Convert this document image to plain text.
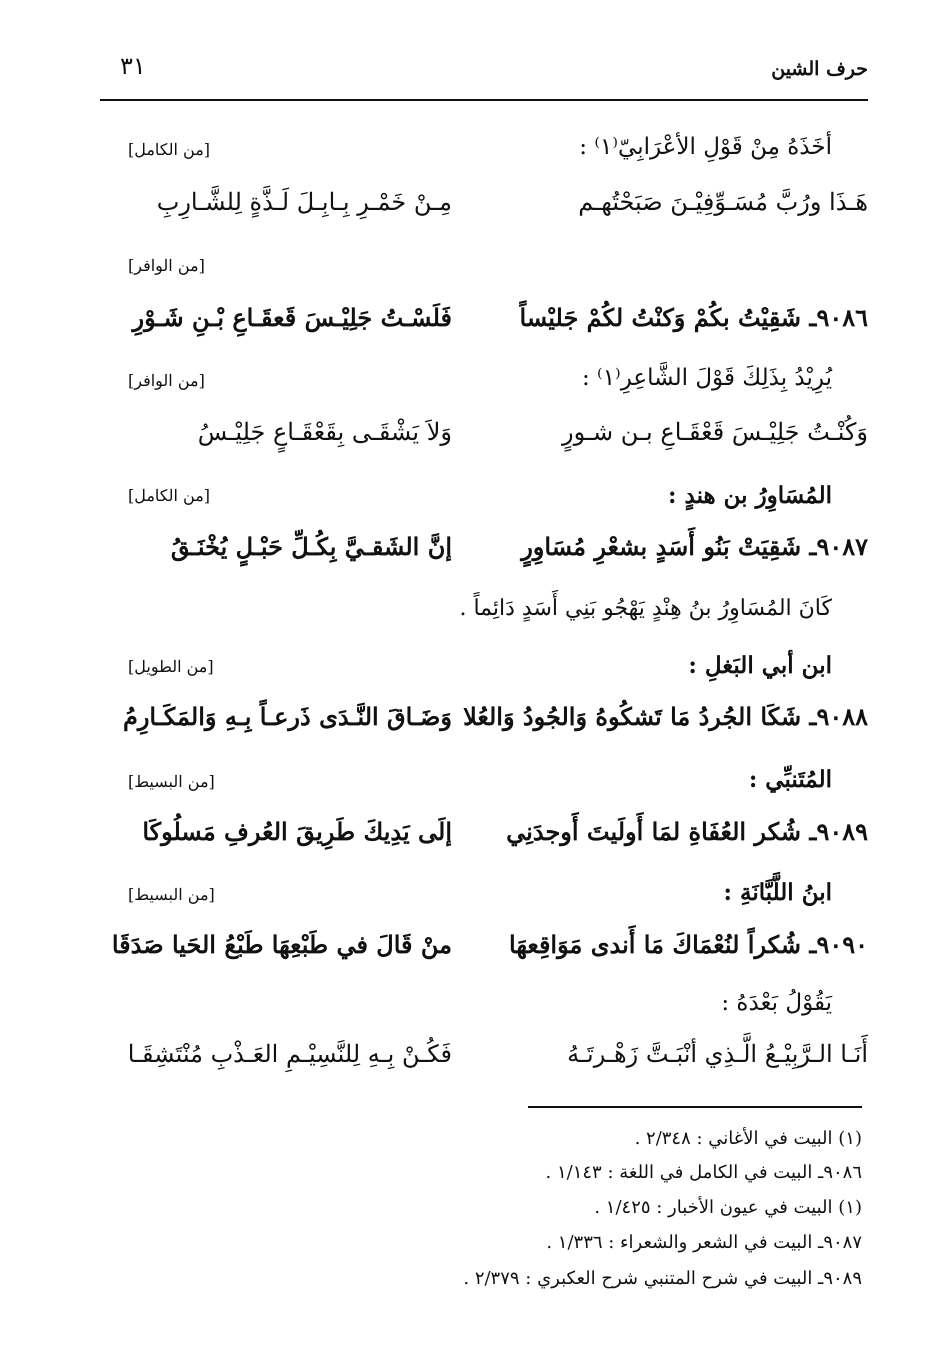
حرف الشين
٣١
أخَذَهُ مِنْ قَوْلِ الأعْرَابِيّ⁽١⁾ :
[من الكامل]
هَـذَا ورُبَّ مُسَـوِّفِيْـنَ صَبَحْتُهـم
مِـنْ خَمْـرِ بِـابِـلَ لَـذَّةٍ لِلشَّـارِبِ
[من الوافر]
٩٠٨٦ـ شَقِيْتُ بكُمْ وَكنْتُ لكُمْ جَليْساً
فَلَسْـتُ جَلِيْـسَ قَعقَـاعِ بْـنِ شَـوْرِ
يُرِيْدُ بِذَلِكَ قَوْلَ الشَّاعِرِ⁽١⁾ :
[من الوافر]
وَكُنْـتُ جَلِيْـسَ قَعْقَـاعِ بـن شـورٍ
وَلاَ يَشْقَـى بِقَعْقَـاعٍ جَلِيْـسُ
المُسَاوِرُ بن هندٍ :
[من الكامل]
٩٠٨٧ـ شَقِيَتْ بَنُو أَسَدٍ بشعْرِ مُسَاوِرٍ
إنَّ الشَقـيَّ بِكُـلِّ حَبْـلٍ يُخْنَـقُ
كَانَ المُسَاوِرُ بنُ هِنْدٍ يَهْجُو بَنِي أَسَدٍ دَائِماً .
ابن أبي البَغلِ :
[من الطويل]
٩٠٨٨ـ شَكَا الجُردُ مَا تَشكُوهُ وَالجُودُ وَالعُلا
وَضَـاقَ النَّـدَى ذَرعـاً بِـهِ وَالمَكَـارِمُ
المُتَنبِّي :
[من البسيط]
٩٠٨٩ـ شُكر العُفَاةِ لمَا أَولَيتَ أَوجدَنِي
إلَى يَدِيكَ طَرِيقَ العُرفِ مَسلُوكَا
ابنُ اللَّبَّانَةِ :
[من البسيط]
٩٠٩٠ـ شُكراً لنُعْمَاكَ مَا أَندى مَوَاقِعهَا
منْ قَالَ في طَبْعِهَا طَبْعُ الحَيا صَدَقَا
يَقُوْلُ بَعْدَهُ :
أَنَـا الـرَّبِيْـعُ الَّـذِي أنْبَـتَّ زَهْـرتَـهُ
فَكُـنْ بِـهِ لِلنَّسِيْـمِ العَـذْبِ مُنْتَشِقَـا
(١) البيت في الأغاني : ٢/٣٤٨ .
٩٠٨٦ـ البيت في الكامل في اللغة : ١/١٤٣ .
(١) البيت في عيون الأخبار : ١/٤٢٥ .
٩٠٨٧ـ البيت في الشعر والشعراء : ١/٣٣٦ .
٩٠٨٩ـ البيت في شرح المتنبي شرح العكبري : ٢/٣٧٩ .
